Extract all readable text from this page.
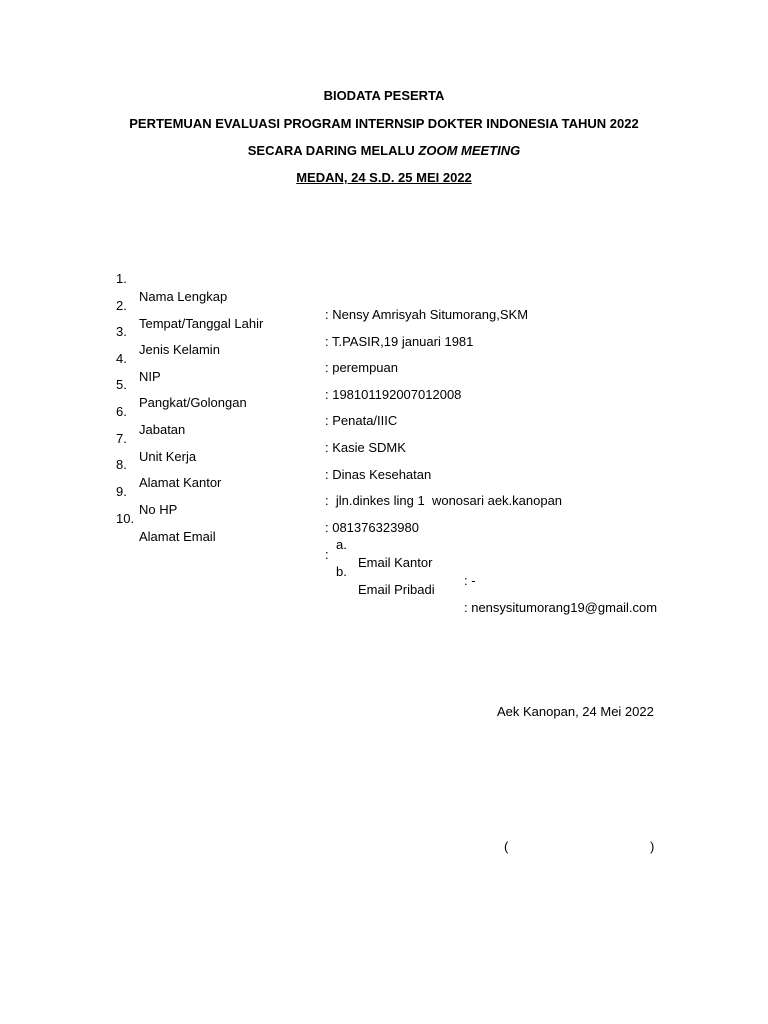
BIODATA PESERTA
PERTEMUAN EVALUASI PROGRAM INTERNSIP DOKTER INDONESIA TAHUN 2022
SECARA DARING MELALU ZOOM MEETING
MEDAN, 24 S.D. 25 MEI 2022

1.

Nama Lengkap

: Nensy Amrisyah Situmorang,SKM

2.

Tempat/Tanggal Lahir

: T.PASIR,19 januari 1981

3.

Jenis Kelamin

: perempuan

4.

NIP

: 198101192007012008

5.

Pangkat/Golongan

: Penata/IIIC

6.

Jabatan

: Kasie SDMK

7.

Unit Kerja

: Dinas Kesehatan

8.

Alamat Kantor

:  jln.dinkes ling 1  wonosari aek.kanopan

9.

No HP

: 081376323980

10.

Alamat Email

:

a.

Email Kantor

: -

b.

Email Pribadi

: nensysitumorang19@gmail.com

Aek Kanopan, 24 Mei 2022
(	)
